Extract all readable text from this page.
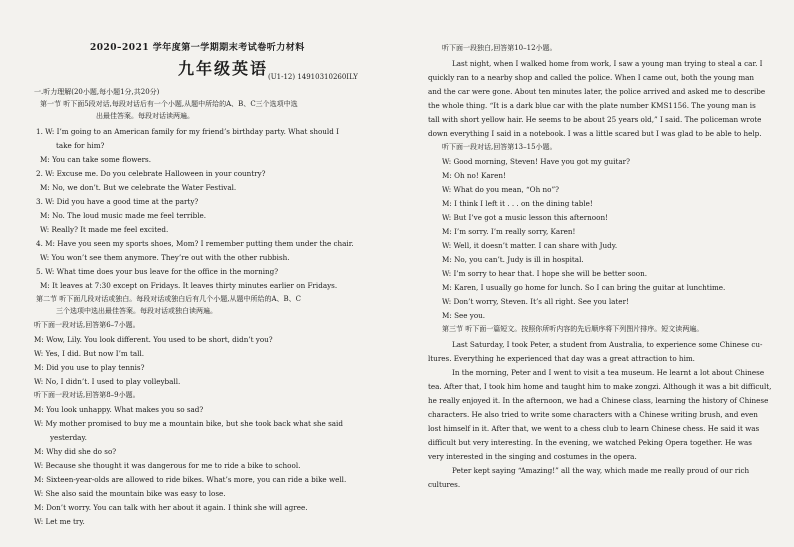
2020–2021 学年度第一学期期末考试卷听力材料
九年级英语 (U1-12) 14910310260ILY
一.听力理解(20小题,每小题1分,共20分)
第一节 听下面5段对话,每段对话后有一个小题,从题中所给的A、B、C三个选项中选
出最佳答案。每段对话读两遍。
1. W: I’m going to an American family for my friend’s birthday party. What should I
take for him?
M: You can take some flowers.
2. W: Excuse me. Do you celebrate Halloween in your country?
M: No, we don’t. But we celebrate the Water Festival.
3. W: Did you have a good time at the party?
M: No. The loud music made me feel terrible.
W: Really? It made me feel excited.
4. M: Have you seen my sports shoes, Mom? I remember putting them under the chair.
W: You won’t see them anymore. They’re out with the other rubbish.
5. W: What time does your bus leave for the office in the morning?
M: It leaves at 7:30 except on Fridays. It leaves thirty minutes earlier on Fridays.
第二节 听下面几段对话或独白。每段对话或独白后有几个小题,从题中所给的A、B、C
三个选项中选出最佳答案。每段对话或独白读两遍。
听下面一段对话,回答第6–7小题。
M: Wow, Lily. You look different. You used to be short, didn’t you?
W: Yes, I did. But now I’m tall.
M: Did you use to play tennis?
W: No, I didn’t. I used to play volleyball.
听下面一段对话,回答第8–9小题。
M: You look unhappy. What makes you so sad?
W: My mother promised to buy me a mountain bike, but she took back what she said
yesterday.
M: Why did she do so?
W: Because she thought it was dangerous for me to ride a bike to school.
M: Sixteen-year-olds are allowed to ride bikes. What’s more, you can ride a bike well.
W: She also said the mountain bike was easy to lose.
M: Don’t worry. You can talk with her about it again. I think she will agree.
W: Let me try.
听下面一段独白,回答第10–12小题。
Last night, when I walked home from work, I saw a young man trying to steal a car. I
quickly ran to a nearby shop and called the police. When I came out, both the young man
and the car were gone. About ten minutes later, the police arrived and asked me to describe
the whole thing. “It is a dark blue car with the plate number KMS1156. The young man is
tall with short yellow hair. He seems to be about 25 years old,” I said. The policeman wrote
down everything I said in a notebook. I was a little scared but I was glad to be able to help.
听下面一段对话,回答第13–15小题。
W: Good morning, Steven! Have you got my guitar?
M: Oh no! Karen!
W: What do you mean, “Oh no”?
M: I think I left it . . . on the dining table!
W: But I’ve got a music lesson this afternoon!
M: I’m sorry. I’m really sorry, Karen!
W: Well, it doesn’t matter. I can share with Judy.
M: No, you can’t. Judy is ill in hospital.
W: I’m sorry to hear that. I hope she will be better soon.
M: Karen, I usually go home for lunch. So I can bring the guitar at lunchtime.
W: Don’t worry, Steven. It’s all right. See you later!
M: See you.
第三节 听下面一篇短文。按照你所听内容的先后顺序将下列图片排序。短文读两遍。
Last Saturday, I took Peter, a student from Australia, to experience some Chinese cu-
ltures. Everything he experienced that day was a great attraction to him.
In the morning, Peter and I went to visit a tea museum. He learnt a lot about Chinese
tea. After that, I took him home and taught him to make zongzi. Although it was a bit difficult,
he really enjoyed it. In the afternoon, we had a Chinese class, learning the history of Chinese
characters. He also tried to write some characters with a Chinese writing brush, and even
lost himself in it. After that, we went to a chess club to learn Chinese chess. He said it was
difficult but very interesting. In the evening, we watched Peking Opera together. He was
very interested in the singing and costumes in the opera.
Peter kept saying “Amazing!” all the way, which made me really proud of our rich
cultures.
